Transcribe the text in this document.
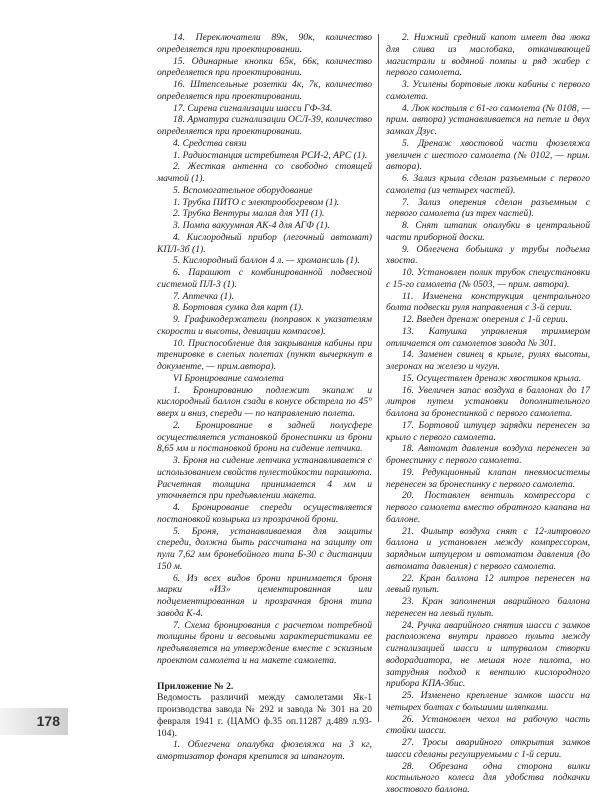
14. Переключатели 89к, 90к, количество определяется при проектировании.

15. Одинарные кнопки 65к, 66к, количество определяется при проектировании.

16. Штепсельные розетки 4к, 7к, количество определяется при проектировании.

17. Сирена сигнализации шасси ГФ-34.

18. Арматура сигнализации ОСЛ-39, количество определяется при проектировании.

4. Средства связи

1. Радиостанция истребителя РСИ-2, АРС (1).

2. Жесткая антенна со свободно стоящей мачтой (1).

5. Вспомогательное оборудование

1. Трубка ПИТО с электрообогревом (1).

2. Трубка Вентуры малая для УП (1).

3. Помпа вакуумная АК-4 для АГФ (1).

4. Кислородный прибор (легочный автомат) КПЛ-3б (1).

5. Кислородный баллон 4 л. — хромансиль (1).

6. Парашют с комбинированной подвесной системой ПЛ-3 (1).

7. Аптечка (1).

8. Бортовая сумка для карт (1).

9. Графикодержатели (поправок к указателям скорости и высоты, девиации компасов).

10. Приспособление для закрывания кабины при тренировке в слепых полетах (пункт вычеркнут в документе, — прим.автора).

VI Бронирование самолета

1. Бронированию подлежит экипаж и кислородный баллон сзади в конусе обстрела по 45° вверх и вниз, спереди — по направлению полета.

2. Бронирование в задней полусфере осуществляется установкой бронеспинки из брони 8,65 мм и постановкой брони на сидение летчика.

3. Броня на сидение летчика устанавливается с использованием свойств пулестойкости парашюта. Расчетная толщина принимается 4 мм и уточняется при предъявлении макета.

4. Бронирование спереди осуществляется постановкой козырька из прозрачной брони.

5. Броня, устанавливаемая для защиты спереди, должна быть рассчитана на защиту от пули 7,62 мм бронебойного типа Б-30 с дистанции 150 м.

6. Из всех видов брони принимается броня марки «ИЗ» цементированная или подцементированная и прозрачная броня типа завода К-4.

7. Схема бронирования с расчетом потребной толщины брони и весовыми характеристиками ее предъявляется на утверждение вместе с эскизным проектом самолета и на макете самолета.

Приложение № 2.

Ведомость различий между самолетами Як-1 производства завода № 292 и завода № 301 на 20 февраля 1941 г. (ЦАМО ф.35 оп.11287 д.489 л.93-104).

1. Облегчена опалубка фюзеляжа на 3 кг, амортизатор фонаря крепится за шпангоут.

2. Нижний средний капот имеет два люка для слива из маслобака, откачивающей магистрали и водяной помпы и ряд жабер с первого самолета.

3. Усилены бортовые люки кабины с первого самолета.

4. Люк костыля с 61-го самолета (№ 0108, — прим. автора) устанавливается на петле и двух замках Дзус.

5. Дренаж хвостовой части фюзеляжа увеличен с шестого самолета (№ 0102, — прим. автора).

6. Зализ крыла сделан разъемным с первого самолета (из четырех частей).

7. Зализ оперения сделан разъемным с первого самолета (из трех частей).

8. Снят штапик опалубки в центральной части приборной доски.

9. Облегчена бобышка у трубы подъема хвоста.

10. Установлен полик трубок спецустановки с 15-го самолета (№ 0503, — прим. автора).

11. Изменена конструкция центрального болта подвески руля направления с 3-й серии.

12. Введен дренаж оперения с 1-й серии.

13. Катушка управления триммером отличается от самолетов завода № 301.

14. Заменен свинец в крыле, рулях высоты, элеронах на железо и чугун.

15. Осуществлен дренаж хвостиков крыла.

16. Увеличен запас воздуха в баллонах до 17 литров путем установки дополнительного баллона за бронеспинкой с первого самолета.

17. Бортовой штуцер зарядки перенесен за крыло с первого самолета.

18. Автомат давления воздуха перенесен за бронеспинку с первого самолета.

19. Редукционный клапан пневмосистемы перенесен за бронеспинку с первого самолета.

20. Поставлен вентиль компрессора с первого самолета вместо обратного клапана на баллоне.

21. Фильтр воздуха снят с 12-литрового баллона и установлен между компрессором, зарядным штуцером и автоматом давления (до автомата давления) с первого самолета.

22. Кран баллона 12 литров перенесен на левый пульт.

23. Кран заполнения аварийного баллона перенесен на левый пульт.

24. Ручка аварийного снятия шасси с замков расположена внутри правого пульта между сигнализацией шасси и штурвалом створки водорадиатора, не мешая ноге пилота, но затрудняя подход к вентилю кислородного прибора КПА-3бис.

25. Изменено крепление замков шасси на четырех болтах с большими шляпками.

26. Установлен чехол на рабочую часть стойки шасси.

27. Тросы аварийного открытия замков шасси сделаны регулируемыми с 1-й серии.

28. Обрезана одна сторона вилки костыльного колеса для удобства подкачки хвостового баллона.

178
